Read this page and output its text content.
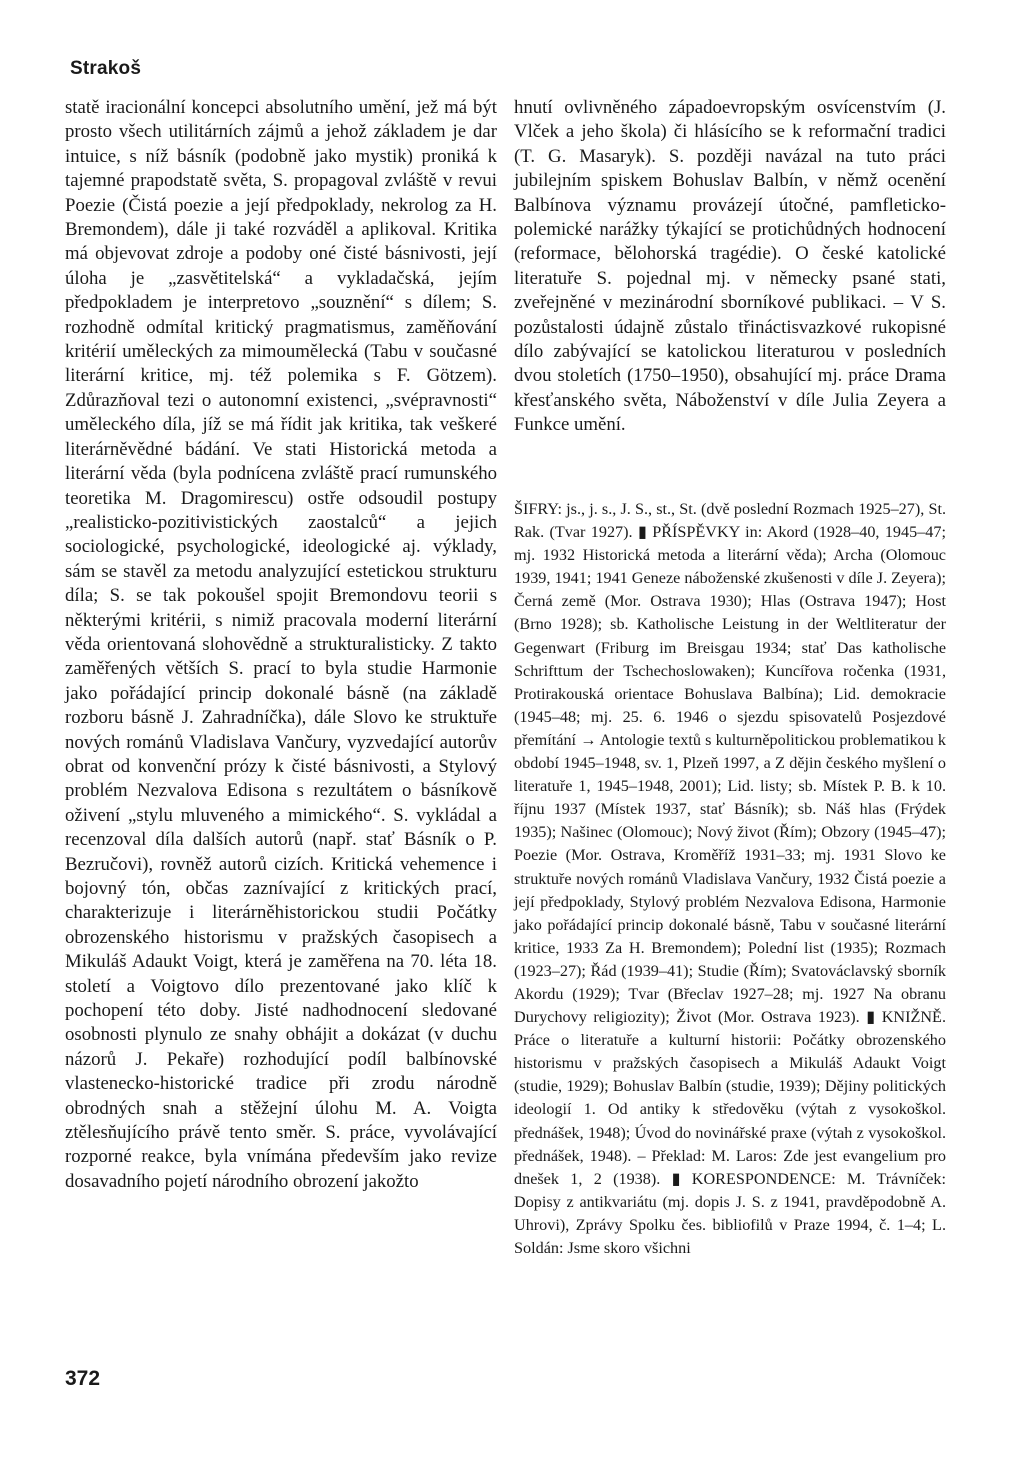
Strakoš

statě iracionální koncepci absolutního umění, jež má být prosto všech utilitárních zájmů a jehož základem je dar intuice, s níž básník (podobně jako mystik) proniká k tajemné prapodstatě světa, S. propagoval zvláště v revui Poezie (Čistá poezie a její předpoklady, nekrolog za H. Bremondem), dále ji také rozváděl a aplikoval. Kritika má objevovat zdroje a podoby oné čisté básnivosti, její úloha je „zasvětitelská“ a vykladačská, jejím předpokladem je interpretovo „souznění“ s dílem; S. rozhodně odmítal kritický pragmatismus, zaměňování kritérií uměleckých za mimoumělecká (Tabu v současné literární kritice, mj. též polemika s F. Götzem). Zdůrazňoval tezi o autonomní existenci, „svépravnosti“ uměleckého díla, jíž se má řídit jak kritika, tak veškeré literárněvědné bádání. Ve stati Historická metoda a literární věda (byla podnícena zvláště prací rumunského teoretika M. Dragomirescu) ostře odsoudil postupy „realisticko-pozitivistických zaostalců“ a jejich sociologické, psychologické, ideologické aj. výklady, sám se stavěl za metodu analyzující estetickou strukturu díla; S. se tak pokoušel spojit Bremondovu teorii s některými kritérii, s nimiž pracovala moderní literární věda orientovaná slohovědně a strukturalisticky. Z takto zaměřených větších S. prací to byla studie Harmonie jako pořádající princip dokonalé básně (na základě rozboru básně J. Zahradníčka), dále Slovo ke struktuře nových románů Vladislava Vančury, vyzvedající autorův obrat od konvenční prózy k čisté básnivosti, a Stylový problém Nezvalova Edisona s rezultátem o básníkově oživení „stylu mluveného a mimického“. S. vykládal a recenzoval díla dalších autorů (např. stať Básník o P. Bezručovi), rovněž autorů cizích. Kritická vehemence i bojovný tón, občas zaznívající z kritických prací, charakterizuje i literárněhistorickou studii Počátky obrozenského historismu v pražských časopisech a Mikuláš Adaukt Voigt, která je zaměřena na 70. léta 18. století a Voigtovo dílo prezentované jako klíč k pochopení této doby. Jisté nadhodnocení sledované osobnosti plynulo ze snahy obhájit a dokázat (v duchu názorů J. Pekaře) rozhodující podíl balbínovské vlastenecko-historické tradice při zrodu národně obrodných snah a stěžejní úlohu M. A. Voigta ztělesňujícího právě tento směr. S. práce, vyvolávající rozporné reakce, byla vnímána především jako revize dosavadního pojetí národního obrození jakožto

hnutí ovlivněného západoevropským osvícenstvím (J. Vlček a jeho škola) či hlásícího se k reformační tradici (T. G. Masaryk). S. později navázal na tuto práci jubilejním spiskem Bohuslav Balbín, v němž ocenění Balbínova významu provázejí útočné, pamfleticko-polemické narážky týkající se protichůdných hodnocení (reformace, bělohorská tragédie). O české katolické literatuře S. pojednal mj. v německy psané stati, zveřejněné v mezinárodní sborníkové publikaci. – V S. pozůstalosti údajně zůstalo třináctisvazkové rukopisné dílo zabývající se katolickou literaturou v posledních dvou stoletích (1750–1950), obsahující mj. práce Drama křesťanského světa, Náboženství v díle Julia Zeyera a Funkce umění.

ŠIFRY: js., j. s., J. S., st., St. (dvě poslední Rozmach 1925–27), St. Rak. (Tvar 1927). ▮ PŘÍSPĚVKY in: Akord (1928–40, 1945–47; mj. 1932 Historická metoda a literární věda); Archa (Olomouc 1939, 1941; 1941 Geneze náboženské zkušenosti v díle J. Zeyera); Černá země (Mor. Ostrava 1930); Hlas (Ostrava 1947); Host (Brno 1928); sb. Katholische Leistung in der Weltliteratur der Gegenwart (Friburg im Breisgau 1934; stať Das katholische Schrifttum der Tschechoslowaken); Kuncířova ročenka (1931, Protirakouská orientace Bohuslava Balbína); Lid. demokracie (1945–48; mj. 25. 6. 1946 o sjezdu spisovatelů Posjezdové přemítání → Antologie textů s kulturněpolitickou problematikou k období 1945–1948, sv. 1, Plzeň 1997, a Z dějin českého myšlení o literatuře 1, 1945–1948, 2001); Lid. listy; sb. Místek P. B. k 10. říjnu 1937 (Místek 1937, stať Básník); sb. Náš hlas (Frýdek 1935); Našinec (Olomouc); Nový život (Řím); Obzory (1945–47); Poezie (Mor. Ostrava, Kroměříž 1931–33; mj. 1931 Slovo ke struktuře nových románů Vladislava Vančury, 1932 Čistá poezie a její předpoklady, Stylový problém Nezvalova Edisona, Harmonie jako pořádající princip dokonalé básně, Tabu v současné literární kritice, 1933 Za H. Bremondem); Polední list (1935); Rozmach (1923–27); Řád (1939–41); Studie (Řím); Svatováclavský sborník Akordu (1929); Tvar (Břeclav 1927–28; mj. 1927 Na obranu Durychovy religiozity); Život (Mor. Ostrava 1923). ▮ KNIŽNĚ. Práce o literatuře a kulturní historii: Počátky obrozenského historismu v pražských časopisech a Mikuláš Adaukt Voigt (studie, 1929); Bohuslav Balbín (studie, 1939); Dějiny politických ideologií 1. Od antiky k středověku (výtah z vysokoškol. přednášek, 1948); Úvod do novinářské praxe (výtah z vysokoškol. přednášek, 1948). – Překlad: M. Laros: Zde jest evangelium pro dnešek 1, 2 (1938). ▮ KORESPONDENCE: M. Trávníček: Dopisy z antikvariátu (mj. dopis J. S. z 1941, pravděpodobně A. Uhrovi), Zprávy Spolku čes. bibliofilů v Praze 1994, č. 1–4; L. Soldán: Jsme skoro všichni

372
